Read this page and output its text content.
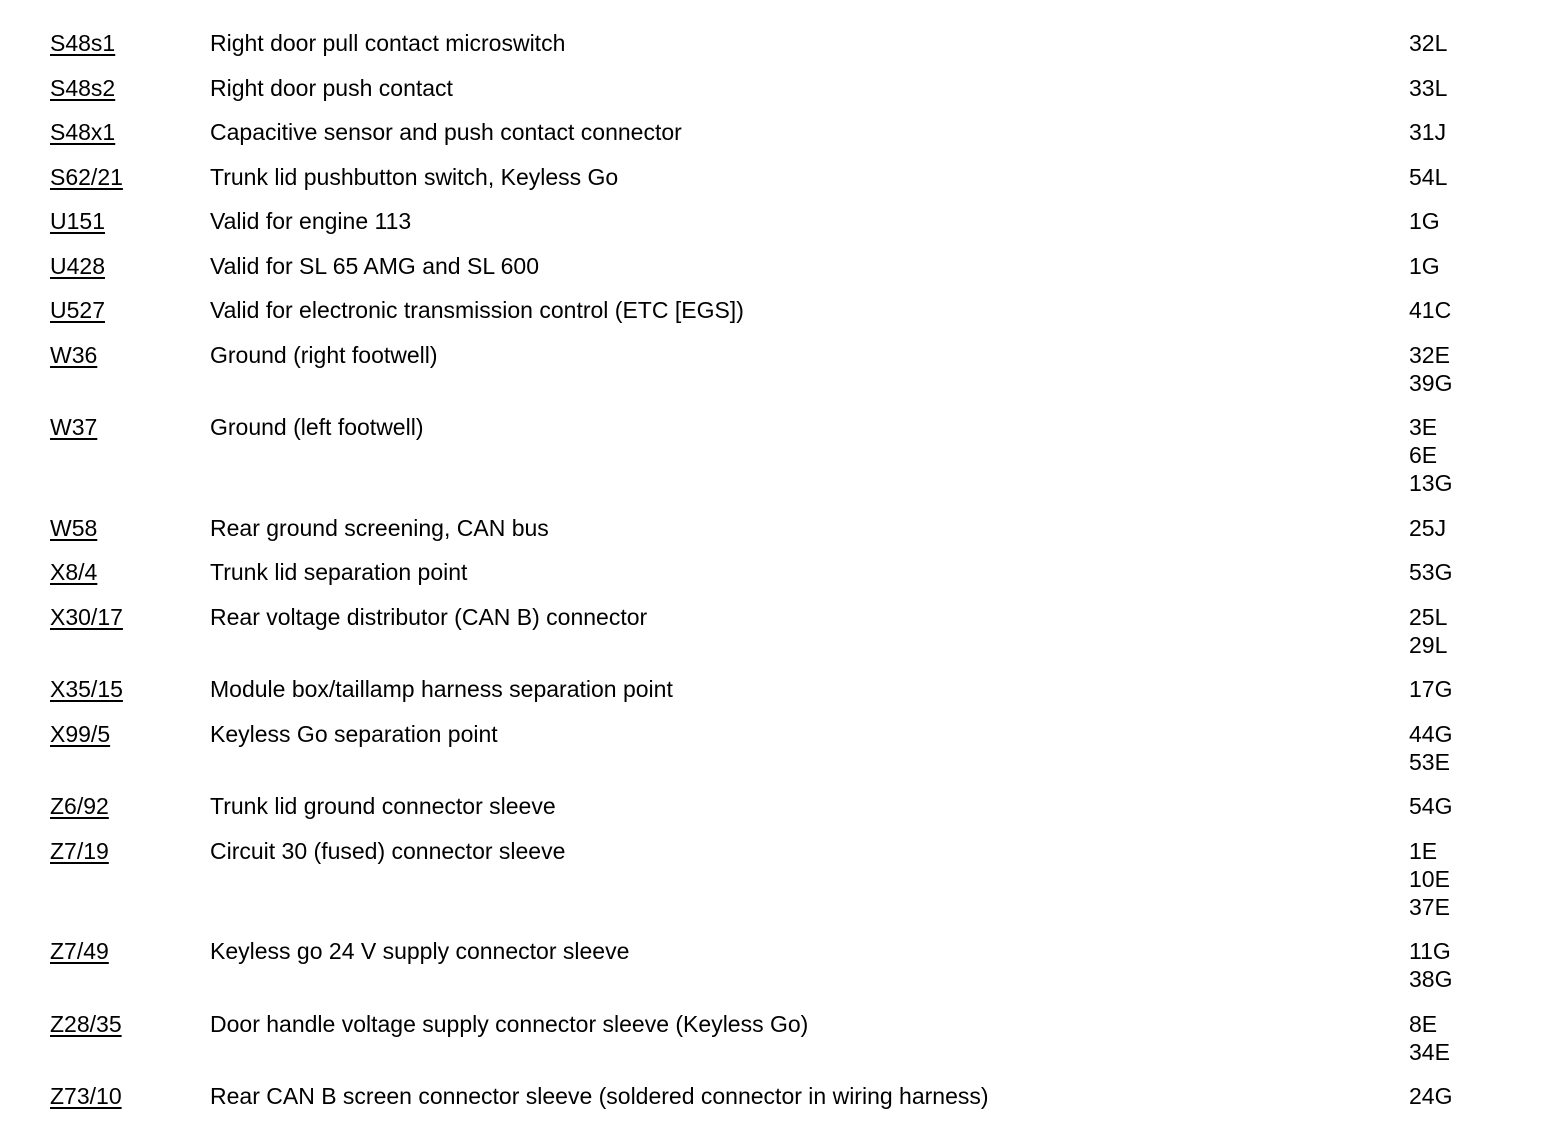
S48s1	Right door pull contact microswitch	32L
S48s2	Right door push contact	33L
S48x1	Capacitive sensor and push contact connector	31J
S62/21	Trunk lid pushbutton switch, Keyless Go	54L
U151	Valid for engine 113	1G
U428	Valid for SL 65 AMG and SL 600	1G
U527	Valid for electronic transmission control (ETC [EGS])	41C
W36	Ground (right footwell)	32E
39G
W37	Ground (left footwell)	3E
6E
13G
W58	Rear ground screening, CAN bus	25J
X8/4	Trunk lid separation point	53G
X30/17	Rear voltage distributor (CAN B) connector	25L
29L
X35/15	Module box/taillamp harness separation point	17G
X99/5	Keyless Go separation point	44G
53E
Z6/92	Trunk lid ground connector sleeve	54G
Z7/19	Circuit 30 (fused) connector sleeve	1E
10E
37E
Z7/49	Keyless go 24 V supply connector sleeve	11G
38G
Z28/35	Door handle voltage supply connector sleeve (Keyless Go)	8E
34E
Z73/10	Rear CAN B screen connector sleeve (soldered connector in wiring harness)	24G
